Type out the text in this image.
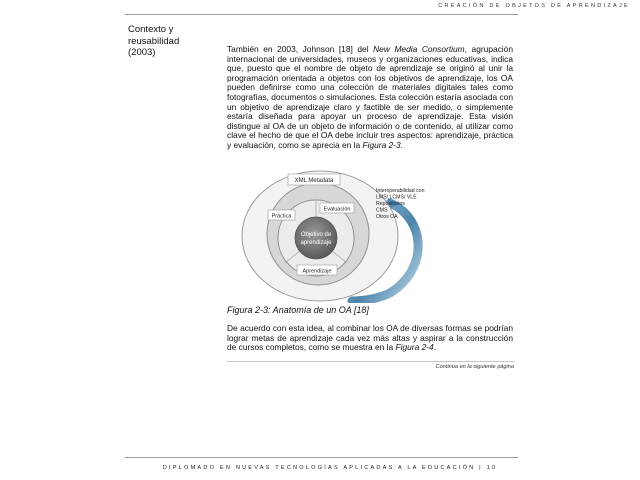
CREACIÓN DE OBJETOS DE APRENDIZAJE
Contexto y
reusabilidad
(2003)	También en 2003, Johnson [18] del New Media Consortium, agrupación internacional de universidades, museos y organizaciones educativas, indica que, puesto que el nombre de objeto de aprendizaje se originó al unir la programación orientada a objetos con los objetivos de aprendizaje, los OA pueden definirse como una colección de materiales digitales tales como fotografías, documentos o simulaciones. Esta colección estaría asociada con un objetivo de aprendizaje claro y factible de ser medido, o simplemente estaría diseñada para apoyar un proceso de aprendizaje. Esta visión distingue al OA de un objeto de información o de contenido, al utilizar como clave el hecho de que el OA debe incluir tres aspectos: aprendizaje, práctica y evaluación, como se aprecia en la Figura 2-3.
XML Metadata
Práctica
Evaluación
Objetivo de
aprendizaje
Aprendizaje
Interoperabilidad con
LMS/ LCMS/ VLE
Repositorios
CMS
Otros OA
Figura 2-3: Anatomía de un OA [18]
De acuerdo con esta idea, al combinar los OA de diversas formas se podrían lograr metas de aprendizaje cada vez más altas y aspirar a la construcción de cursos completos, como se muestra en la Figura 2-4.
Continúa en la siguiente página
DIPLOMADO EN NUEVAS TECNOLOGÍAS APLICADAS A LA EDUCACIÓN | 10
